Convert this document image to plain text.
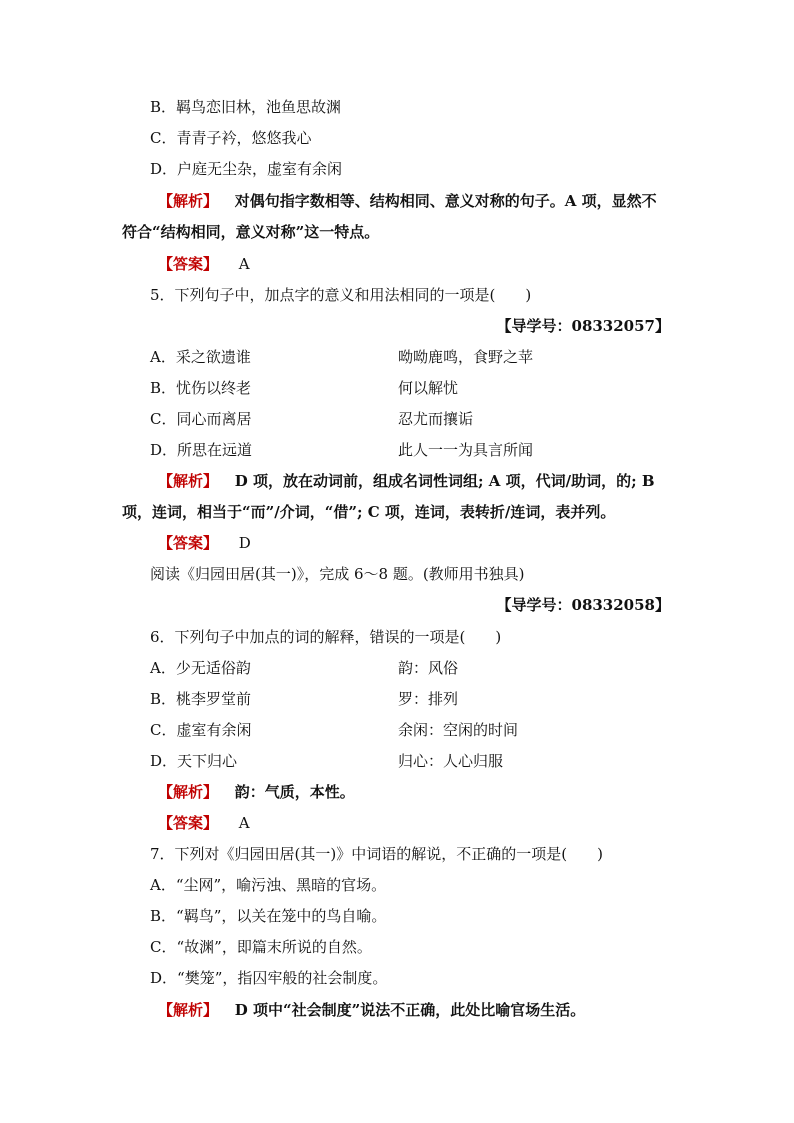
B．羁鸟恋旧林，池鱼思故渊
C．青青子衿，悠悠我心
D．户庭无尘杂，虚室有余闲
【解析】 对偶句指字数相等、结构相同、意义对称的句子。A 项，显然不
符合“结构相同，意义对称”这一特点。
【答案】 A
5．下列句子中，加点字的意义和用法相同的一项是(　　)
【导学号：08332057】
A．采之欲遗谁	呦呦鹿鸣，食野之苹
B．忧伤以终老	何以解忧
C．同心而离居	忍尤而攘诟
D．所思在远道	此人一一为具言所闻
【解析】 D 项，放在动词前，组成名词性词组; A 项，代词/助词，的; B
项，连词，相当于“而”/介词，“借”; C 项，连词，表转折/连词，表并列。
【答案】 D
阅读《归园田居(其一)》，完成 6～8 题。(教师用书独具)
【导学号：08332058】
6．下列句子中加点的词的解释，错误的一项是(　　)
A．少无适俗韵	韵：风俗
B．桃李罗堂前	罗：排列
C．虚室有余闲	余闲：空闲的时间
D．天下归心	归心：人心归服
【解析】 韵：气质，本性。
【答案】 A
7．下列对《归园田居(其一)》中词语的解说，不正确的一项是(　　)
A．“尘网”，喻污浊、黑暗的官场。
B．“羁鸟”，以关在笼中的鸟自喻。
C．“故渊”，即篇末所说的自然。
D．“樊笼”，指囚牢般的社会制度。
【解析】 D 项中“社会制度”说法不正确，此处比喻官场生活。
